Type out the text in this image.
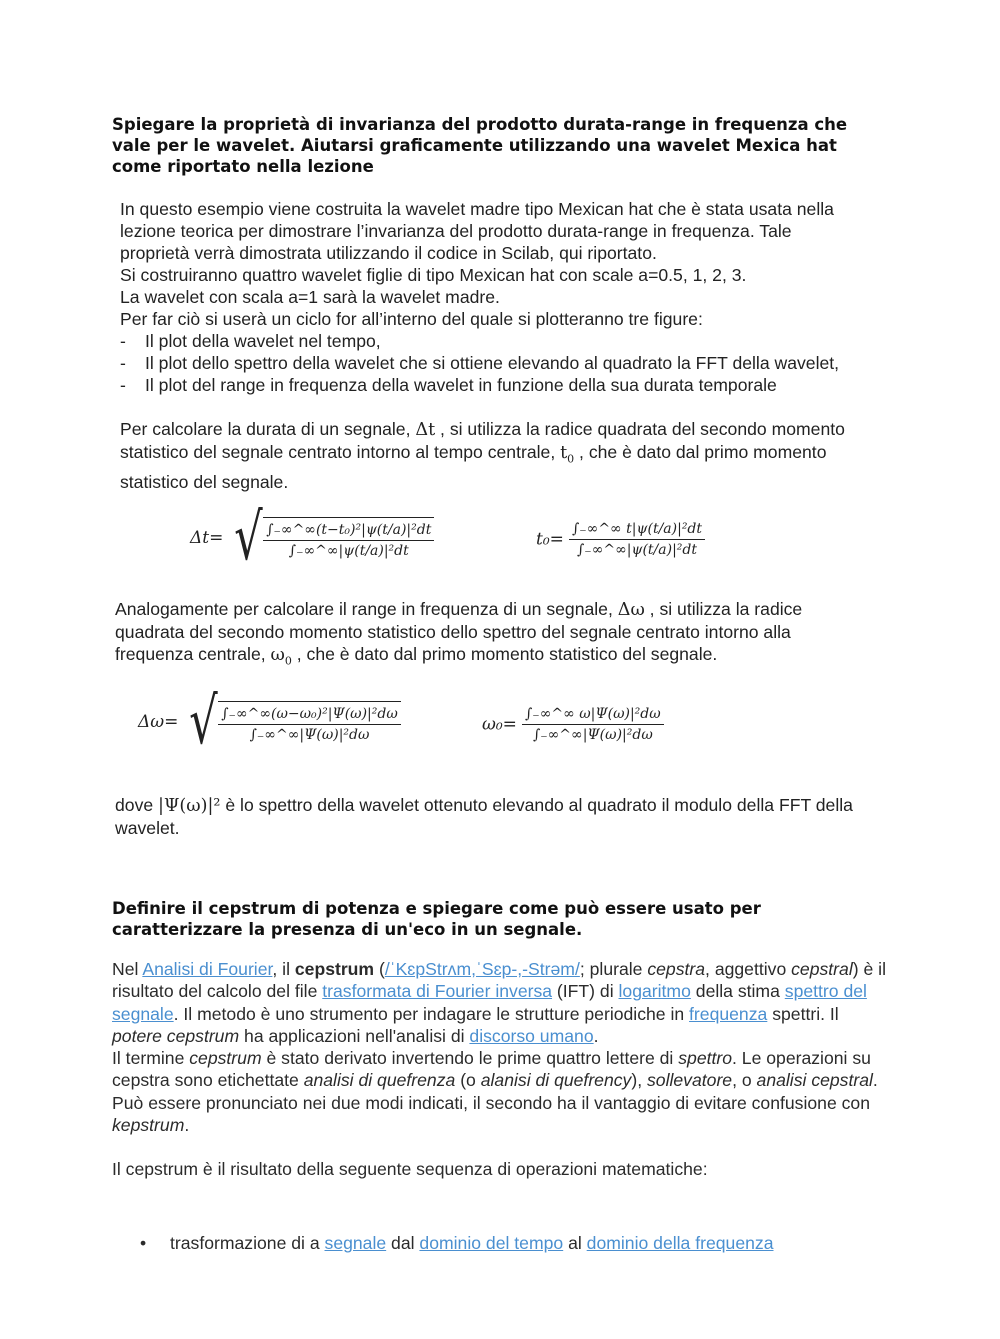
Spiegare la proprietà di invarianza del prodotto durata-range in frequenza che vale per le wavelet. Aiutarsi graficamente utilizzando una wavelet Mexica hat come riportato nella lezione

In questo esempio viene costruita la wavelet madre tipo Mexican hat che è stata usata nella

lezione teorica per dimostrare l’invarianza del prodotto durata-range in frequenza. Tale

proprietà verrà dimostrata utilizzando il codice in Scilab, qui riportato.

Si costruiranno quattro wavelet figlie di tipo Mexican hat con scale a=0.5, 1, 2, 3.

La wavelet con scala a=1 sarà la wavelet madre.

Per far ciò si userà un ciclo for all’interno del quale si plotteranno tre figure:

- Il plot della wavelet nel tempo,
- Il plot dello spettro della wavelet che si ottiene elevando al quadrato la FFT della wavelet,
- Il plot del range in frequenza della wavelet in funzione della sua durata temporale

Per calcolare la durata di un segnale, Δt , si utilizza la radice quadrata del secondo momento

statistico del segnale centrato intorno al tempo centrale, $t_0$ , che è dato dal primo momento

statistico del segnale.

Δt= √ $\frac{\text{∫₋∞\textasciicircum{}∞(t−t₀)²|ψ(t/a)|²dt}}{\text{∫₋∞\textasciicircum{}∞|ψ(t/a)|²dt}}$	$t_0= \frac{\text{∫₋∞\textasciicircum{}∞ t|ψ(t/a)|²dt}}{\text{∫₋∞\textasciicircum{}∞|ψ(t/a)|²dt}}$

Analogamente per calcolare il range in frequenza di un segnale, Δω , si utilizza la radice

quadrata del secondo momento statistico dello spettro del segnale centrato intorno alla

frequenza centrale, $\omega_0$ , che è dato dal primo momento statistico del segnale.

Δω= √ $\frac{\text{∫₋∞\textasciicircum{}∞(ω−ω₀)²|Ψ(ω)|²dω}}{\text{∫₋∞\textasciicircum{}∞|Ψ(ω)|²dω}}$	$\omega_0= \frac{\text{∫₋∞\textasciicircum{}∞ ω|Ψ(ω)|²dω}}{\text{∫₋∞\textasciicircum{}∞|Ψ(ω)|²dω}}$

dove |Ψ(ω)|² è lo spettro della wavelet ottenuto elevando al quadrato il modulo della FFT della

wavelet.

Definire il cepstrum di potenza e spiegare come può essere usato per caratterizzare la presenza di un'eco in un segnale.

Nel Analisi di Fourier, il cepstrum (/ˈKɛpStrʌm,ˈSɛp-,-Strəm/; plurale cepstra, aggettivo cepstral) è il risultato del calcolo del file trasformata di Fourier inversa (IFT) di logaritmo della stima spettro del segnale. Il metodo è uno strumento per indagare le strutture periodiche in frequenza spettri. Il potere cepstrum ha applicazioni nell'analisi di discorso umano.

Il termine cepstrum è stato derivato invertendo le prime quattro lettere di spettro. Le operazioni su cepstra sono etichettate analisi di quefrenza (o alanisi di quefrency), sollevatore, o analisi cepstral. Può essere pronunciato nei due modi indicati, il secondo ha il vantaggio di evitare confusione con kepstrum.

Il cepstrum è il risultato della seguente sequenza di operazioni matematiche:

• trasformazione di a segnale dal dominio del tempo al dominio della frequenza
